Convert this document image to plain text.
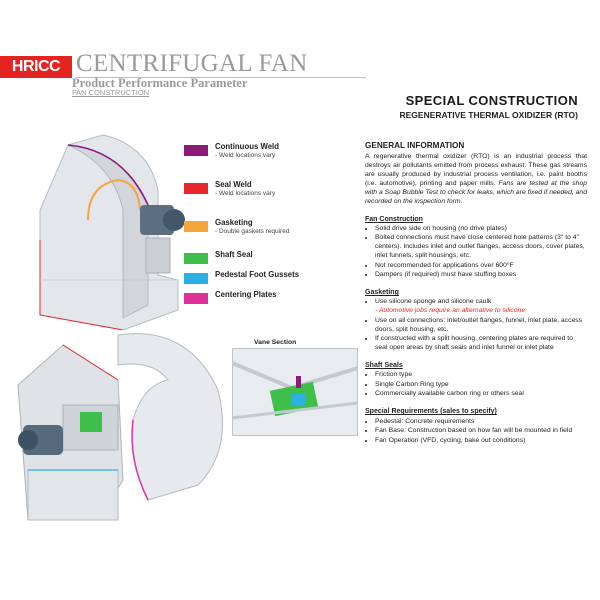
HRICC CENTRIFUGAL FAN
Product Performance Parameter
FAN CONSTRUCTION
SPECIAL CONSTRUCTION
REGENERATIVE THERMAL OXIDIZER (RTO)
Vane Section
Continuous Weld
- Weld locations vary
Seal Weld
- Weld locations vary
Gasketing
- Double gaskets required
Shaft Seal
Pedestal Foot Gussets
Centering Plates
GENERAL INFORMATION

A regenerative thermal oxidizer (RTO) is an industrial process that destroys air pollutants emitted from process exhaust. These gas streams are usually produced by industrial process ventilation, i.e. paint booths (i.e. automotive), printing and paper mills. Fans are tested at the shop with a Soap Bubble Test to check for leaks, which are fixed if needed, and recorded on the inspection form.

Fan Construction
• Solid drive side on housing (no drive plates)
• Bolted connections must have close centered hole patterns (3" to 4" centers). Includes inlet and outlet flanges, access doors, cover plates, inlet funnels, split housings, etc.
• Not recommended for applications over 600°F
• Dampers (if required) must have stuffing boxes
Gasketing
• Use silicone sponge and silicone caulk
- Automotive jobs require an alternative to silicone
• Use on all connections: inlet/outlet flanges, funnel, inlet plate, access doors, split housing, etc.
• If constructed with a split housing, centering plates are required to seal open areas by shaft seals and inlet funnel or inlet plate
Shaft Seals
• Friction type
• Single Carbon Ring type
• Commercially available carbon ring or others seal
Special Requirements (sales to specify)
• Pedestal: Concrete requirements
• Fan Base: Construction based on how fan will be mounted in field
• Fan Operation (VFD, cycling, bake out conditions)
